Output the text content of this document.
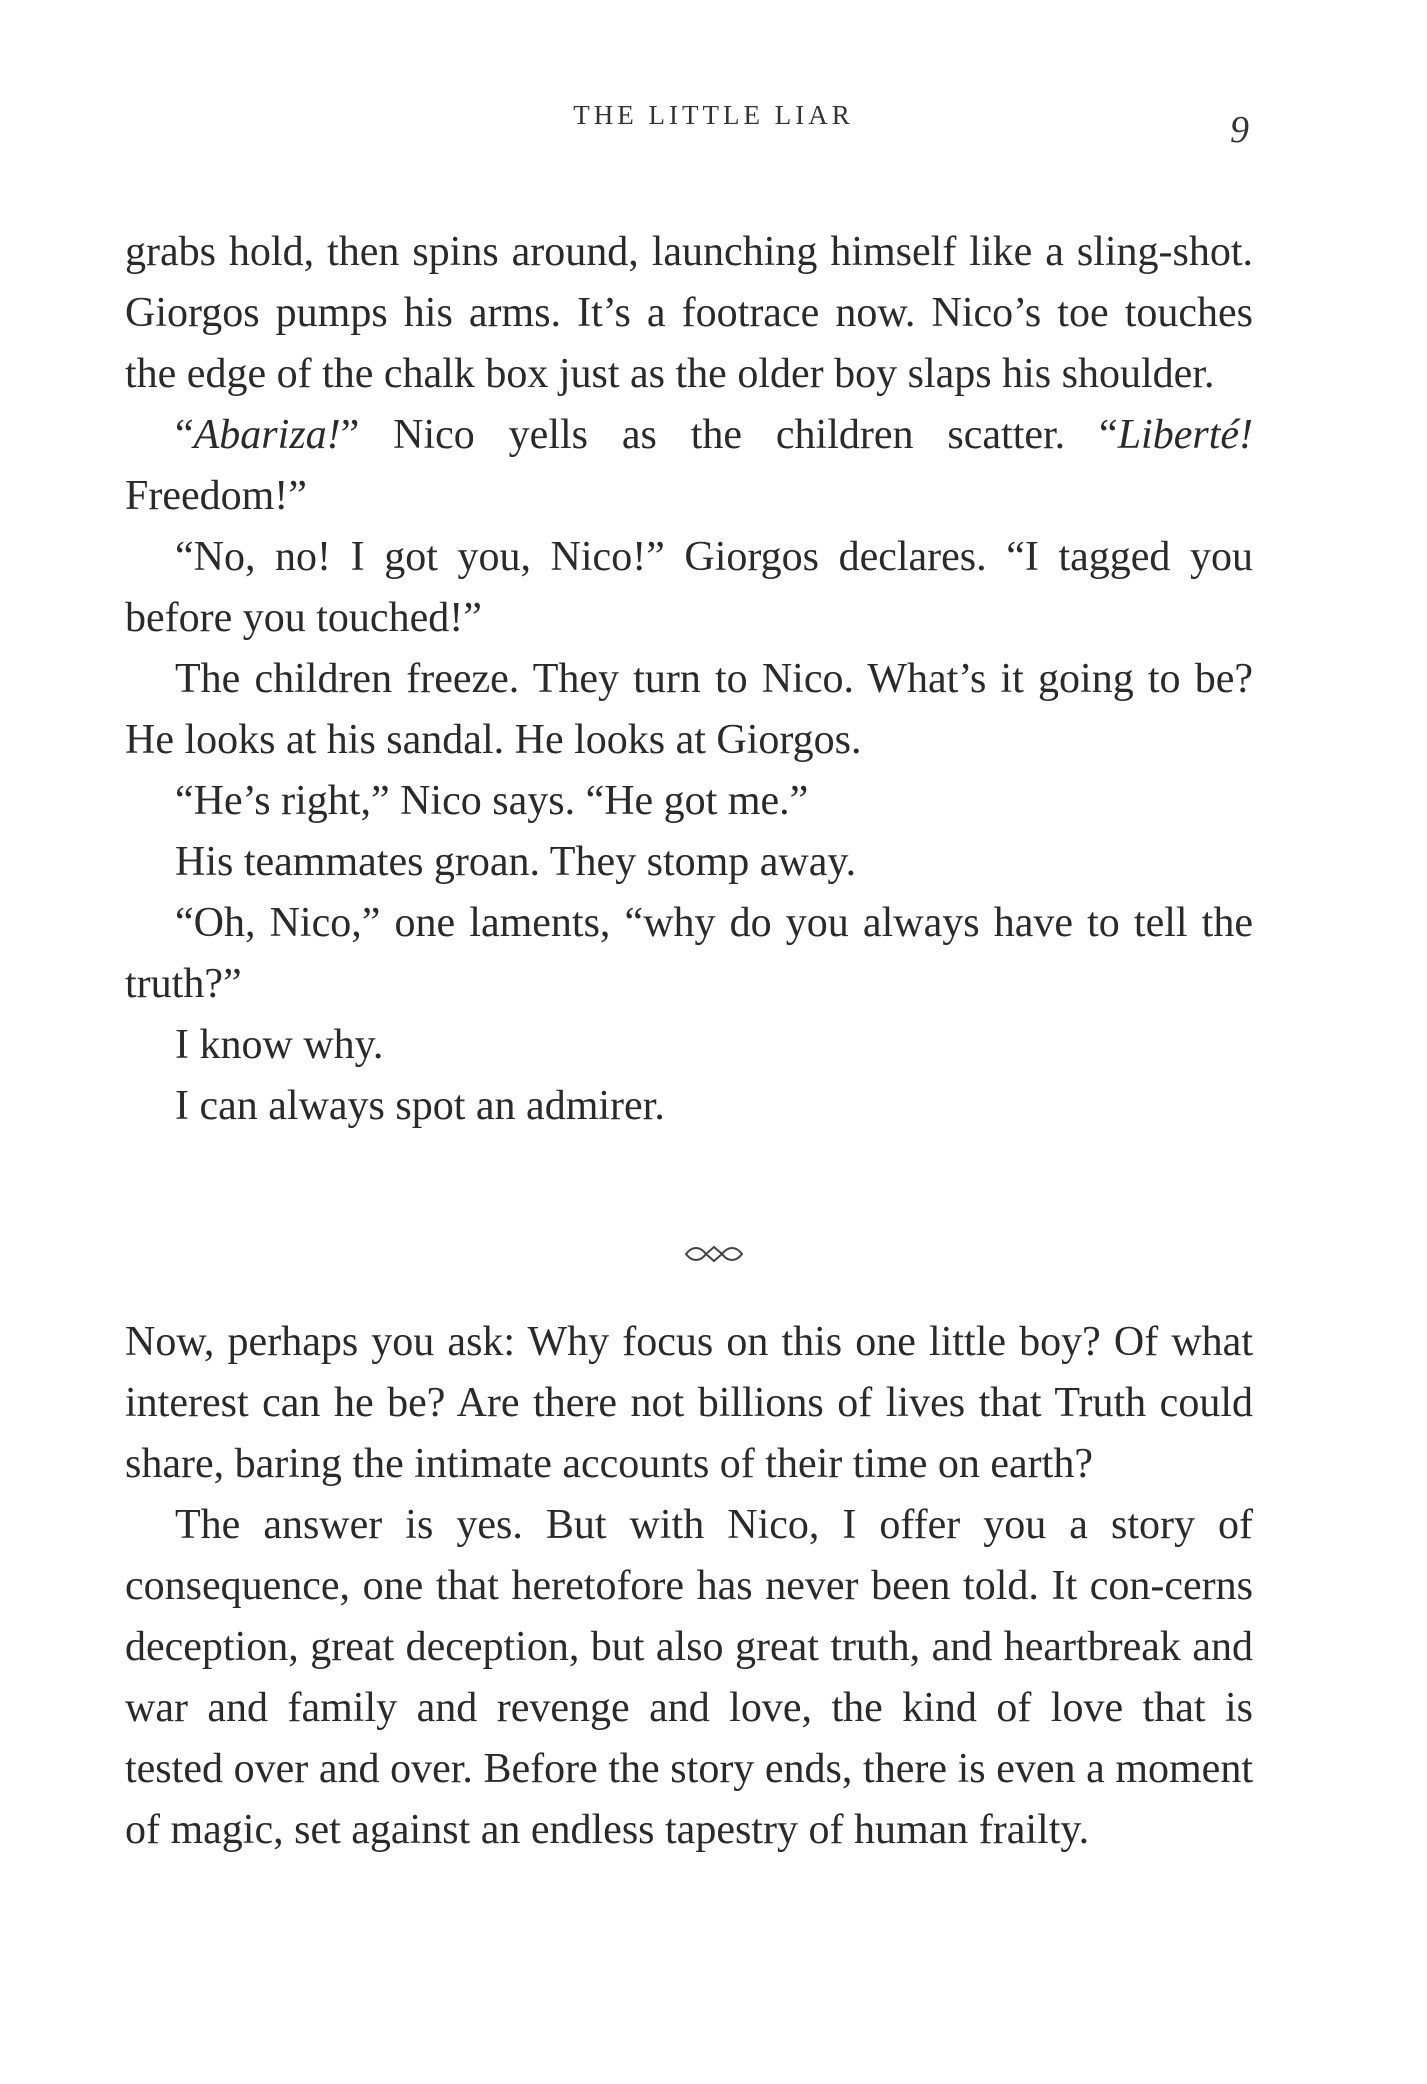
THE LITTLE LIAR	9

grabs hold, then spins around, launching himself like a sling-shot. Giorgos pumps his arms. It’s a footrace now. Nico’s toe touches the edge of the chalk box just as the older boy slaps his shoulder.

“Abariza!” Nico yells as the children scatter. “Liberté! Freedom!”

“No, no! I got you, Nico!” Giorgos declares. “I tagged you before you touched!”

The children freeze. They turn to Nico. What’s it going to be? He looks at his sandal. He looks at Giorgos.

“He’s right,” Nico says. “He got me.”

His teammates groan. They stomp away.

“Oh, Nico,” one laments, “why do you always have to tell the truth?”

I know why.

I can always spot an admirer.

Now, perhaps you ask: Why focus on this one little boy? Of what interest can he be? Are there not billions of lives that Truth could share, baring the intimate accounts of their time on earth?

The answer is yes. But with Nico, I offer you a story of consequence, one that heretofore has never been told. It con-cerns deception, great deception, but also great truth, and heartbreak and war and family and revenge and love, the kind of love that is tested over and over. Before the story ends, there is even a moment of magic, set against an endless tapestry of human frailty.
